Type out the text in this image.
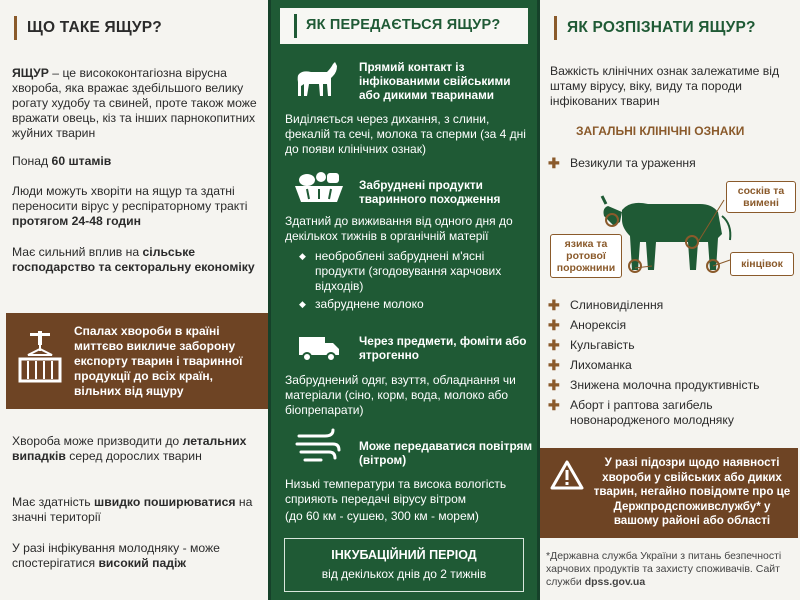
ЩО ТАКЕ ЯЩУР?
ЯЩУР – це висококонтагіозна вірусна хвороба, яка вражає здебільшого велику рогату худобу та свиней, проте також може вражати овець, кіз та інших парнокопитних жуйних тварин
Понад 60 штамів
Люди можуть хворіти на ящур та здатні переносити вірус у респіраторному тракті протягом 24-48 годин
Має сильний вплив на сільське господарство та секторальну економіку
Спалах хвороби в країні миттєво викличе заборону експорту тварин і тваринної продукції до всіх країн, вільних від ящуру
Хвороба може призводити до летальних випадків серед дорослих тварин
Має здатність швидко поширюватися на значні території
У разі інфікування молодняку - може спостерігатися високий падіж
ЯК ПЕРЕДАЄТЬСЯ ЯЩУР?
Прямий контакт із інфікованими свійськими або дикими тваринами
Виділяється через дихання, з слини, фекалій та сечі, молока та сперми (за 4 дні до появи клінічних ознак)
Забруднені продукти тваринного походження
Здатний до виживання від одного дня до декількох тижнів в органічній матерії
◆ необроблені забруднені м'ясні продукти (згодовування харчових відходів)
◆ забруднене молоко
Через предмети, фоміти або ятрогенно
Забруднений одяг, взуття, обладнання чи матеріали (сіно, корм, вода, молоко або біопрепарати)
Може передаватися повітрям (вітром)
Низькі температури та висока вологість сприяють передачі вірусу вітром
(до 60 км - сушею, 300 км - морем)
ІНКУБАЦІЙНИЙ ПЕРІОД
від декількох днів до 2 тижнів
ЯК РОЗПІЗНАТИ ЯЩУР?
Важкість клінічних ознак залежатиме від штаму вірусу, віку, виду та породи інфікованих тварин
ЗАГАЛЬНІ КЛІНІЧНІ ОЗНАКИ
✚ Везикули та ураження
сосків та вимені
язика та ротової порожнини	кінцівок
✚ Слиновиділення
✚ Анорексія
✚ Кульгавість
✚ Лихоманка
✚ Знижена молочна продуктивність
✚ Аборт і раптова загибель новонародженого молодняку
У разі підозри щодо наявності хвороби у свійських або диких тварин, негайно повідомте про це Держпродспоживслужбу* у вашому районі або області
*Державна служба України з питань безпечності харчових продуктів та захисту споживачів. Сайт служби dpss.gov.ua
